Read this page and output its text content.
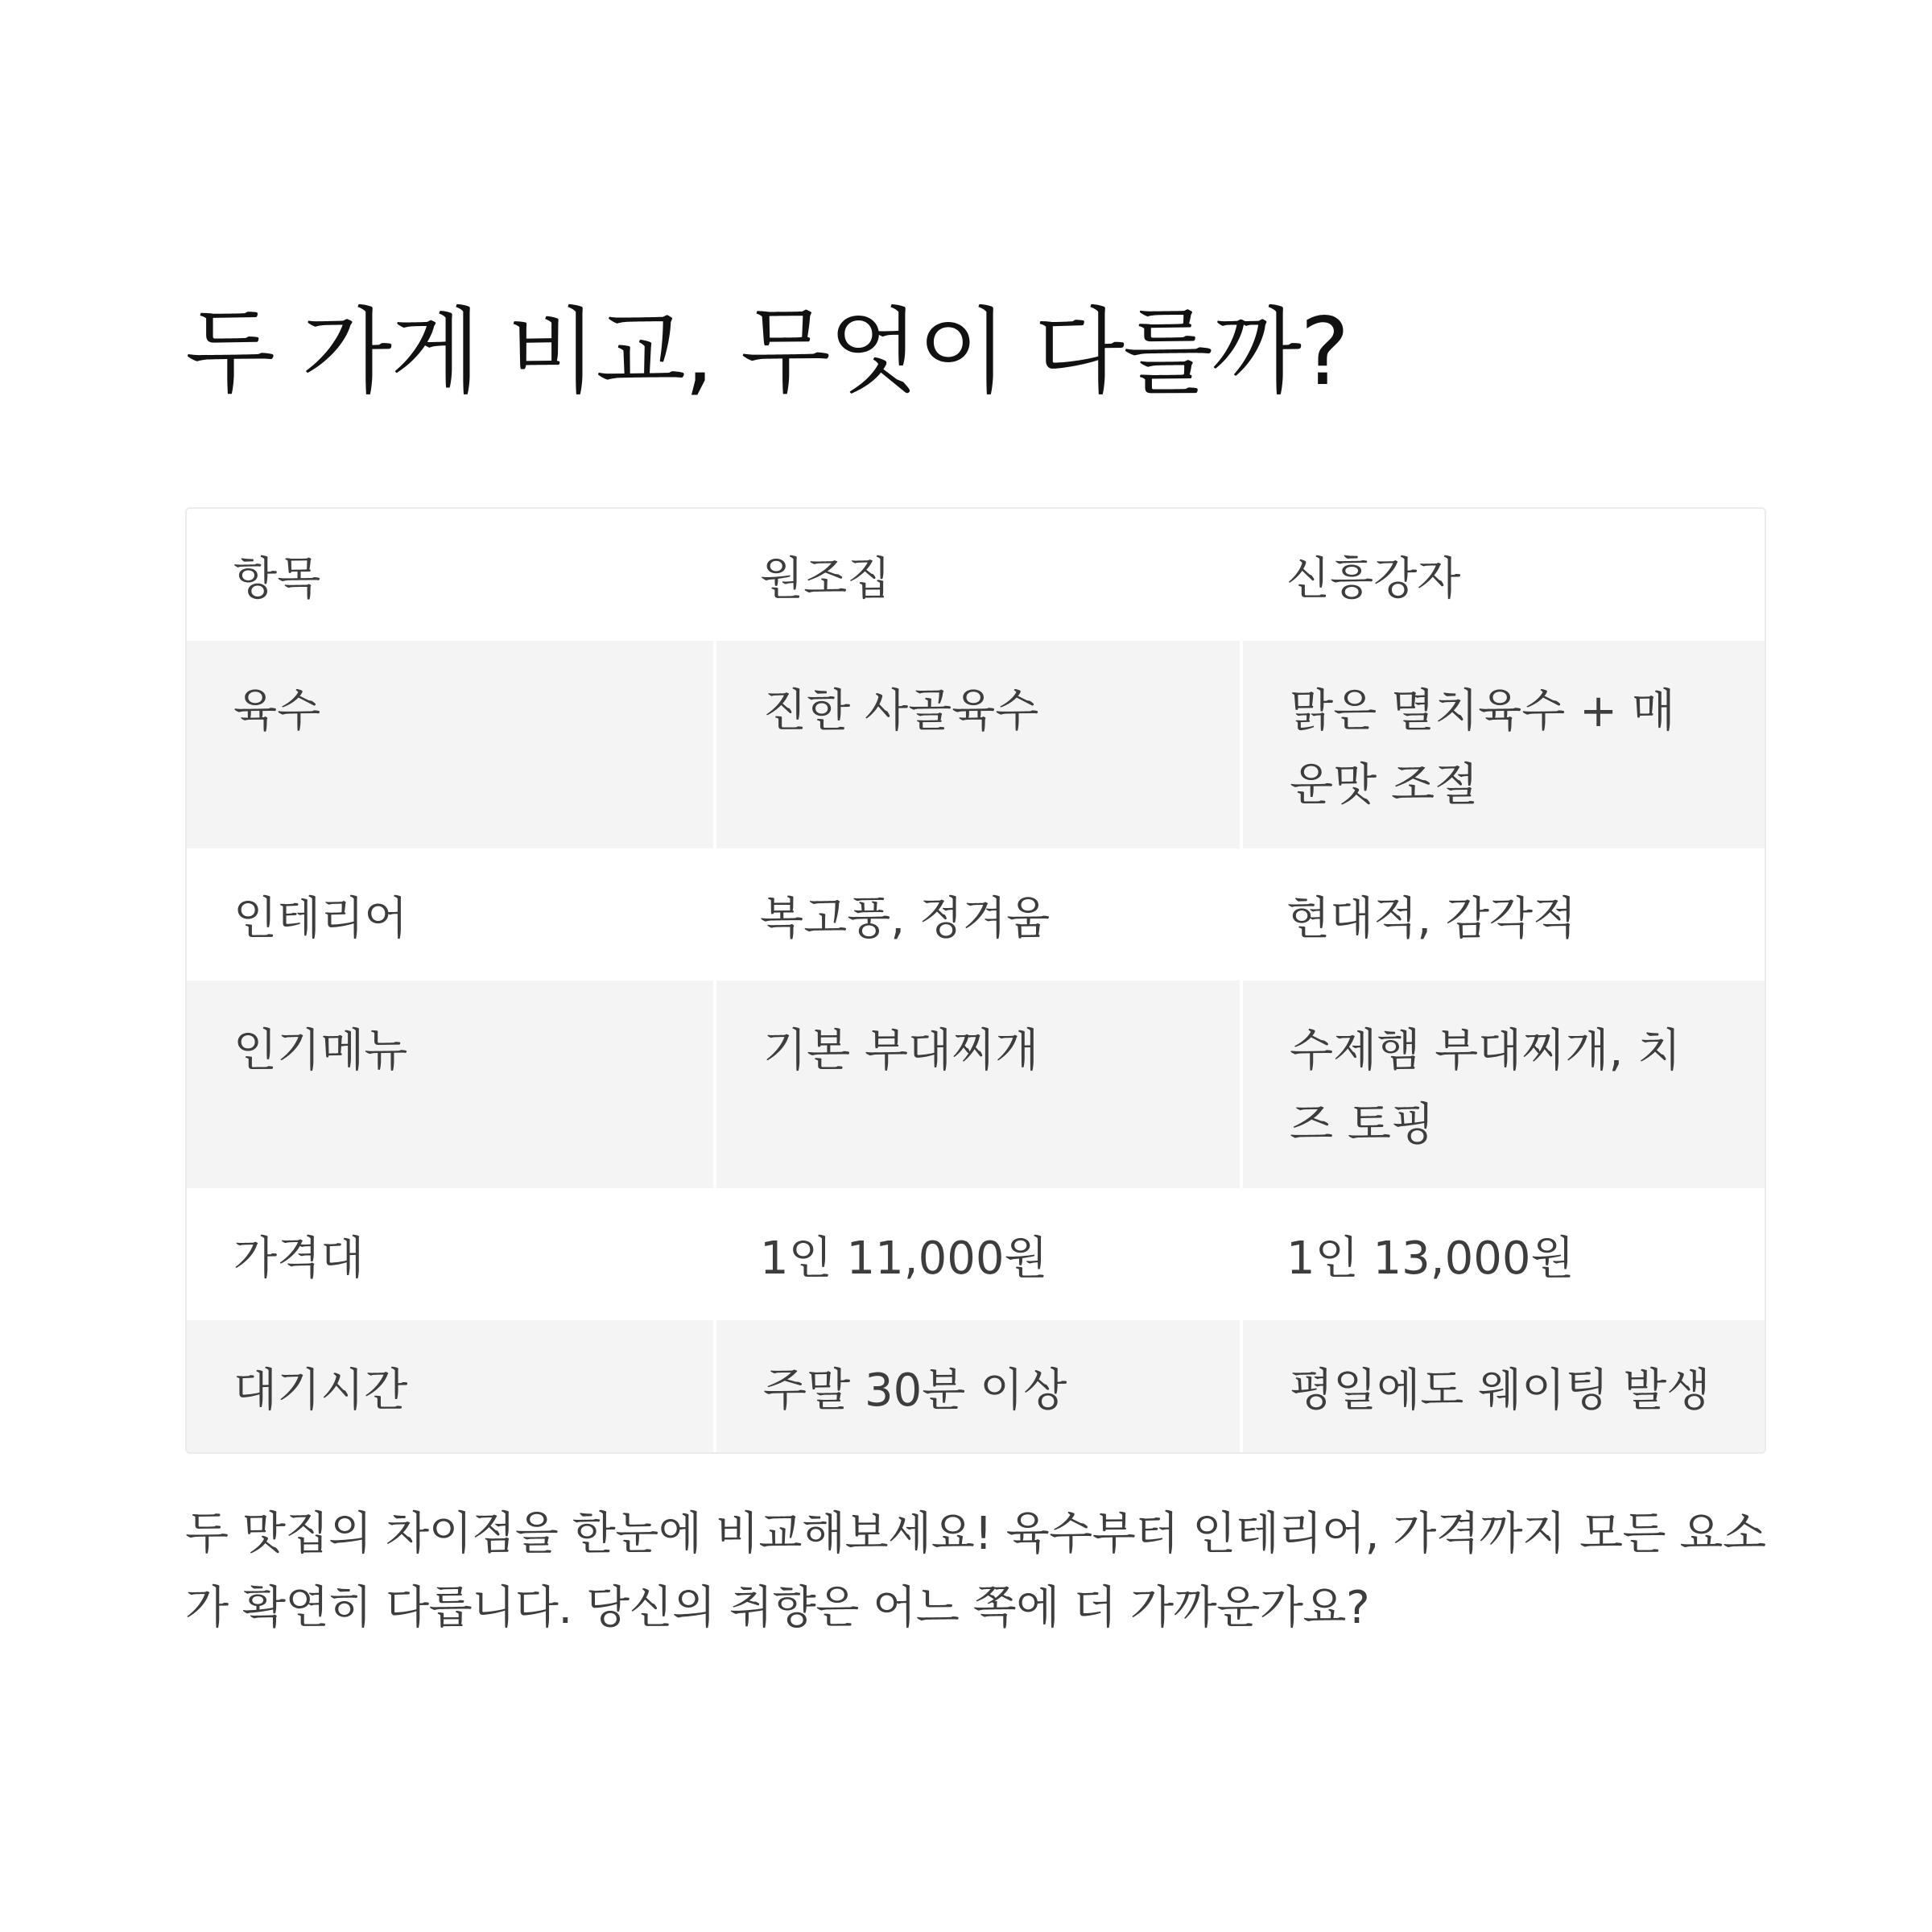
두 가게 비교, 무엇이 다를까?
항목	원조집	신흥강자
육수	진한 사골육수	맑은 멸치육수 + 매운맛 조절
인테리어	복고풍, 정겨움	현대적, 감각적
인기메뉴	기본 부대찌개	수제햄 부대찌개, 치즈 토핑
가격대	1인 11,000원	1인 13,000원
대기시간	주말 30분 이상	평일에도 웨이팅 발생

두 맛집의 차이점을 한눈에 비교해보세요! 육수부터 인테리어, 가격까지 모든 요소가 확연히 다릅니다. 당신의 취향은 어느 쪽에 더 가까운가요?
